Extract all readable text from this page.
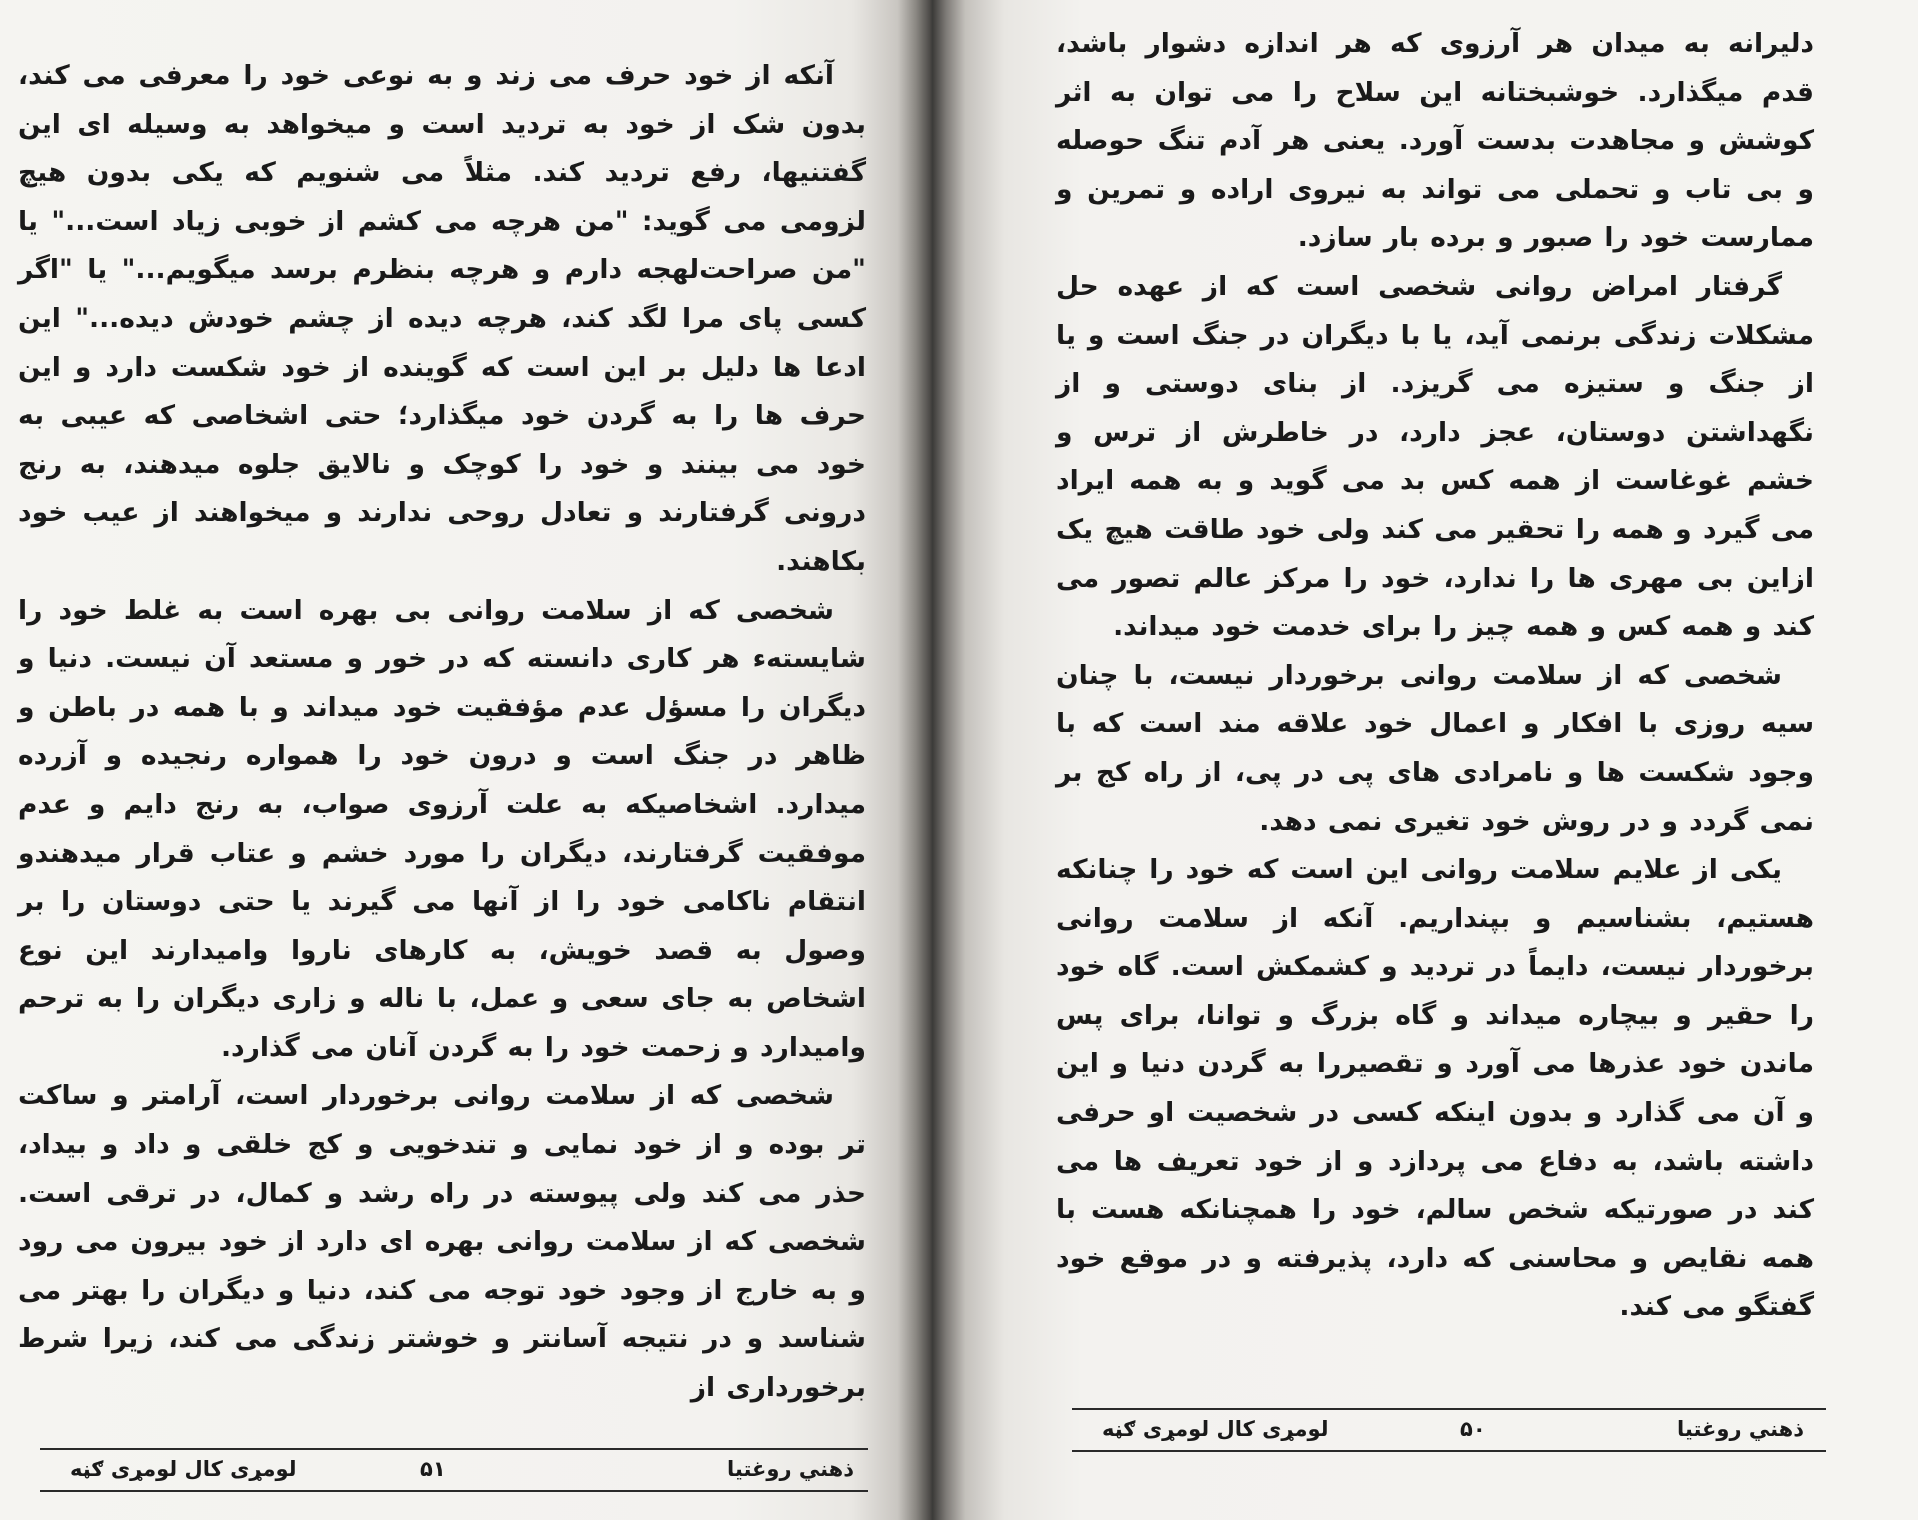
آنکه از خود حرف می زند و به نوعی خود را معرفی می کند، بدون شک از خود به تردید است و میخواهد به وسیله ای این گفتنیها، رفع تردید کند. مثلاً می شنویم که یکی بدون هیچ لزومی می گوید: "من هرچه می کشم از خوبی زیاد است..." یا "من صراحت‌لهجه دارم و هرچه بنظرم برسد میگویم..." یا "اگر کسی پای مرا لگد کند، هرچه دیده از چشم خودش دیده..." این ادعا ها دلیل بر این است که گوینده از خود شکست دارد و این حرف ها را به گردن خود میگذارد؛ حتی اشخاصی که عیبی به خود می بینند و خود را کوچک و نالایق جلوه میدهند، به رنج درونی گرفتارند و تعادل روحی ندارند و میخواهند از عیب خود بکاهند.

شخصی که از سلامت روانی بی بهره است به غلط خود را شایستهء هر کاری دانسته که در خور و مستعد آن نیست. دنیا و دیگران را مسؤل عدم مؤفقیت خود میداند و با همه در باطن و ظاهر در جنگ است و درون خود را همواره رنجیده و آزرده میدارد. اشخاصیکه به علت آرزوی صواب، به رنج دایم و عدم موفقیت گرفتارند، دیگران را مورد خشم و عتاب قرار میدهندو انتقام ناکامی خود را از آنها می گیرند یا حتی دوستان را بر وصول به قصد خویش، به کارهای ناروا وامیدارند این نوع اشخاص به جای سعی و عمل، با ناله و زاری دیگران را به ترحم وامیدارد و زحمت خود را به گردن آنان می گذارد.

شخصی که از سلامت روانی برخوردار است، آرامتر و ساکت تر بوده و از خود نمایی و تندخویی و کج خلقی و داد و بیداد، حذر می کند ولی پیوسته در راه رشد و کمال، در ترقی است. شخصی که از سلامت روانی بهره ای دارد از خود بیرون می رود و به خارج از وجود خود توجه می کند، دنیا و دیگران را بهتر می شناسد و در نتیجه آسانتر و خوشتر زندگی می کند، زیرا شرط برخورداری از

ذهني روغتيا
۵۱
لومړی کال لومړی ګڼه

دلیرانه به میدان هر آرزوی که هر اندازه دشوار باشد، قدم میگذارد. خوشبختانه این سلاح را می توان به اثر کوشش و مجاهدت بدست آورد. یعنی هر آدم تنگ حوصله و بی تاب و تحملی می تواند به نیروی اراده و تمرین و ممارست خود را صبور و برده بار سازد.

گرفتار امراض روانی شخصی است که از عهده حل مشکلات زندگی برنمی آید، یا با دیگران در جنگ است و یا از جنگ و ستیزه می گریزد. از بنای دوستی و از نگهداشتن دوستان، عجز دارد، در خاطرش از ترس و خشم غوغاست از همه کس بد می گوید و به همه ایراد می گیرد و همه را تحقیر می کند ولی خود طاقت هیچ یک ازاین بی مهری ها را ندارد، خود را مرکز عالم تصور می کند و همه کس و همه چیز را برای خدمت خود میداند.

شخصی که از سلامت روانی برخوردار نیست، با چنان سیه روزی با افکار و اعمال خود علاقه مند است که با وجود شکست ها و نامرادی های پی در پی، از راه کج بر نمی گردد و در روش خود تغیری نمی دهد.

یکی از علایم سلامت روانی این است که خود را چنانکه هستیم، بشناسیم و بپنداریم. آنکه از سلامت روانی برخوردار نیست، دایماً در تردید و کشمکش است. گاه خود را حقیر و بیچاره میداند و گاه بزرگ و توانا، برای پس ماندن خود عذرها می آورد و تقصیررا به گردن دنیا و این و آن می گذارد و بدون اینکه کسی در شخصیت او حرفی داشته باشد، به دفاع می پردازد و از خود تعریف ها می کند در صورتیکه شخص سالم، خود را همچنانکه هست با همه نقایص و محاسنی که دارد، پذیرفته و در موقع خود گفتگو می کند.

ذهني روغتيا
۵۰
لومړی کال لومړی ګڼه
